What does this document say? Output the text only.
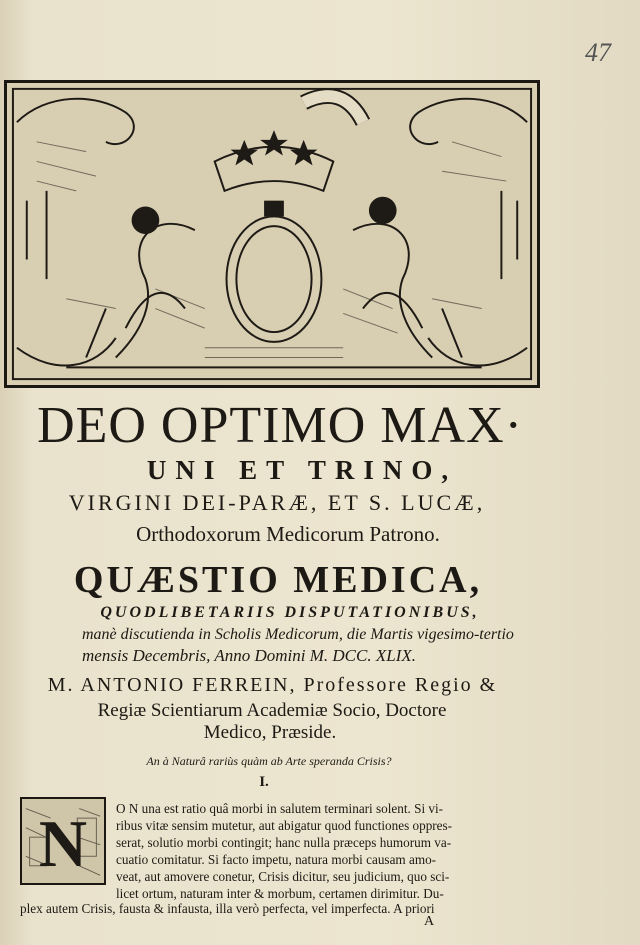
47
DEO OPTIMO MAX·
UNI ET TRINO,
VIRGINI DEI-PARÆ, ET S. LUCÆ,
Orthodoxorum Medicorum Patrono.
QUÆSTIO MEDICA,
QUODLIBETARIIS DISPUTATIONIBUS,
manè discutienda in Scholis Medicorum, die Martis vigesimo-tertio
mensis Decembris, Anno Domini M. DCC. XLIX.
M. ANTONIO FERREIN, Professore Regio &
Regiæ Scientiarum Academiæ Socio, Doctore
Medico, Præside.
An à Naturâ rariùs quàm ab Arte speranda Crisis?
I.
N O N una est ratio quâ morbi in salutem terminari solent. Si vi-
ribus vitæ sensim mutetur, aut abigatur quod functiones oppres-
serat, solutio morbi contingit; hanc nulla præceps humorum va-
cuatio comitatur. Si facto impetu, natura morbi causam amo-
veat, aut amovere conetur, Crisis dicitur, seu judicium, quo sci-
licet ortum, naturam inter & morbum, certamen dirimitur. Du-
plex autem Crisis, fausta & infausta, illa verò perfecta, vel imperfecta. A priori
A
